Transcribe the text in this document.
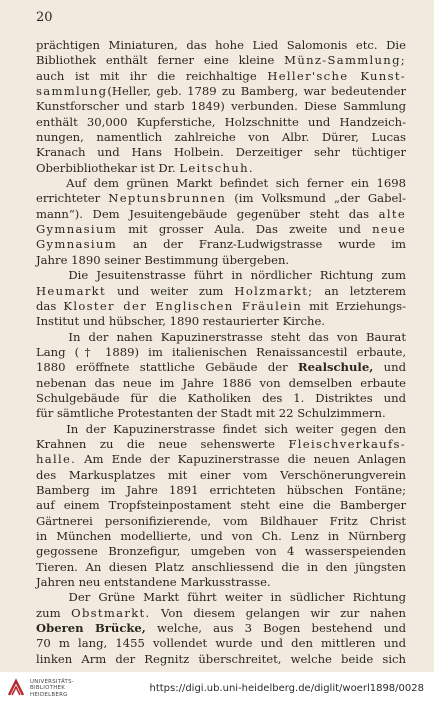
20
prächtigen Miniaturen, das hohe Lied Salomonis etc. Die
Bibliothek enthält ferner eine kleine Münz-Sammlung;
auch ist mit ihr die reichhaltige Heller'sche Kunst-
sammlung(Heller, geb. 1789 zu Bamberg, war bedeutender
Kunstforscher und starb 1849) verbunden. Diese Sammlung
enthält 30,000 Kupferstiche, Holzschnitte und Handzeich-
nungen, namentlich zahlreiche von Albr. Dürer, Lucas
Kranach und Hans Holbein. Derzeitiger sehr tüchtiger
Oberbibliothekar ist Dr. Leitschuh.
Auf dem grünen Markt befindet sich ferner ein 1698
errichteter Neptunsbrunnen (im Volksmund „der Gabel-
mann“). Dem Jesuitengebäude gegenüber steht das alte
Gymnasium mit grosser Aula. Das zweite und neue
Gymnasium an der Franz-Ludwigstrasse wurde im
Jahre 1890 seiner Bestimmung übergeben.
Die Jesuitenstrasse führt in nördlicher Richtung zum
Heumarkt und weiter zum Holzmarkt; an letzterem
das Kloster der Englischen Fräulein mit Erziehungs-
Institut und hübscher, 1890 restaurierter Kirche.
In der nahen Kapuzinerstrasse steht das von Baurat
Lang († 1889) im italienischen Renaissancestil erbaute,
1880 eröffnete stattliche Gebäude der Realschule, und
nebenan das neue im Jahre 1886 von demselben erbaute
Schulgebäude für die Katholiken des 1. Distriktes und
für sämtliche Protestanten der Stadt mit 22 Schulzimmern.
In der Kapuzinerstrasse findet sich weiter gegen den
Krahnen zu die neue sehenswerte Fleischverkaufs-
halle. Am Ende der Kapuzinerstrasse die neuen Anlagen
des Markusplatzes mit einer vom Verschönerungverein
Bamberg im Jahre 1891 errichteten hübschen Fontäne;
auf einem Tropfsteinpostament steht eine die Bamberger
Gärtnerei personifizierende, vom Bildhauer Fritz Christ
in München modellierte, und von Ch. Lenz in Nürnberg
gegossene Bronzefigur, umgeben von 4 wasserspeienden
Tieren. An diesen Platz anschliessend die in den jüngsten
Jahren neu entstandene Markusstrasse.
Der Grüne Markt führt weiter in südlicher Richtung
zum Obstmarkt. Von diesem gelangen wir zur nahen
Oberen Brücke, welche, aus 3 Bogen bestehend und
70 m lang, 1455 vollendet wurde und den mittleren und
linken Arm der Regnitz überschreitet, welche beide sich
UNIVERSITÄTS-
BIBLIOTHEK
HEIDELBERG
https://digi.ub.uni-heidelberg.de/diglit/woerl1898/0028
